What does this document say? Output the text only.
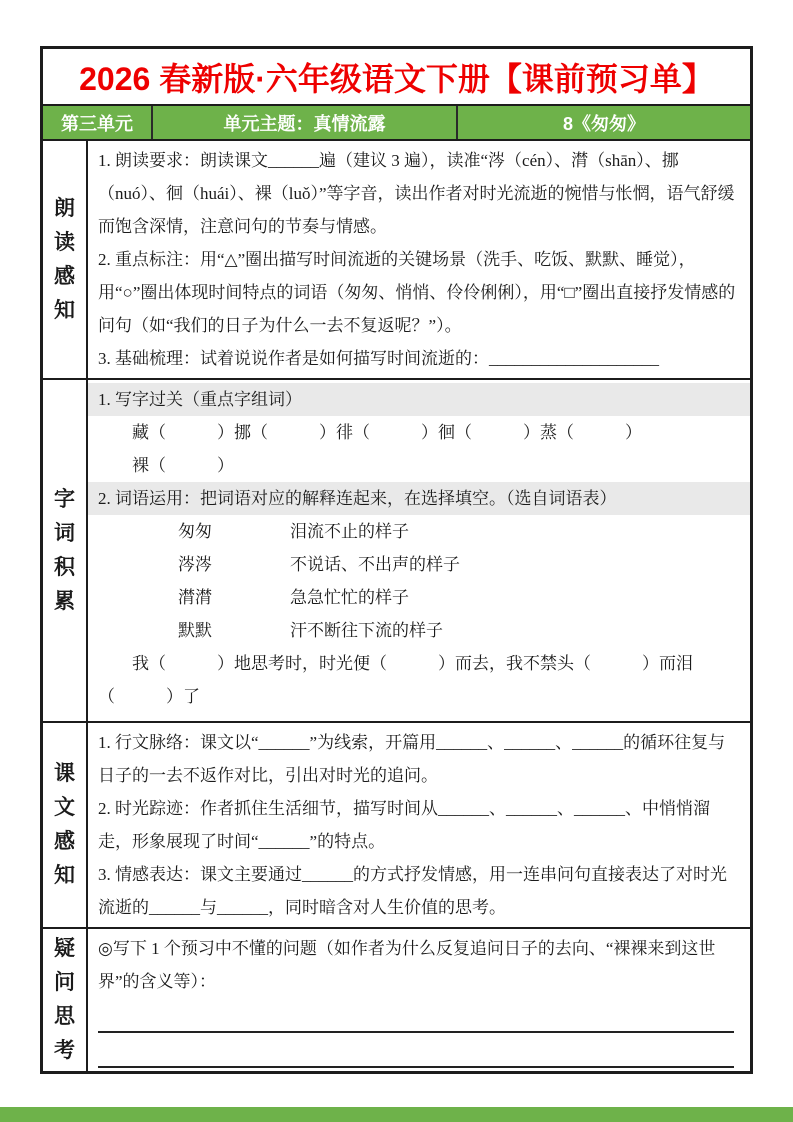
2026 春新版·六年级语文下册【课前预习单】
第三单元	单元主题：真情流露	8《匆匆》
朗读感知

1. 朗读要求：朗读课文______遍（建议 3 遍），读准“涔（cén）、潸（shān）、挪（nuó）、徊（huái）、裸（luǒ）”等字音，读出作者对时光流逝的惋惜与怅惘，语气舒缓而饱含深情，注意问句的节奏与情感。

2. 重点标注：用“△”圈出描写时间流逝的关键场景（洗手、吃饭、默默、睡觉），用“○”圈出体现时间特点的词语（匆匆、悄悄、伶伶俐俐），用“□”圈出直接抒发情感的问句（如“我们的日子为什么一去不复返呢？”）。

3. 基础梳理：试着说说作者是如何描写时间流逝的：____________________

字词积累
1. 写字过关（重点字组词）
藏（　　　）挪（　　　）徘（　　　）徊（　　　）蒸（　　　）
裸（　　　）
2. 词语运用：把词语对应的解释连起来，在选择填空。（选自词语表）
匆匆	泪流不止的样子
涔涔	不说话、不出声的样子
潸潸	急急忙忙的样子
默默	汗不断往下流的样子

我（　　　）地思考时，时光便（　　　）而去，我不禁头（　　　）而泪（　　　）了

课文感知

1. 行文脉络：课文以“______”为线索，开篇用______、______、______的循环往复与日子的一去不返作对比，引出对时光的追问。

2. 时光踪迹：作者抓住生活细节，描写时间从______、______、______、中悄悄溜走，形象展现了时间“______”的特点。

3. 情感表达：课文主要通过______的方式抒发情感，用一连串问句直接表达了对时光流逝的______与______，同时暗含对人生价值的思考。

疑问思考

◎写下 1 个预习中不懂的问题（如作者为什么反复追问日子的去向、“裸裸来到这世界”的含义等）：
